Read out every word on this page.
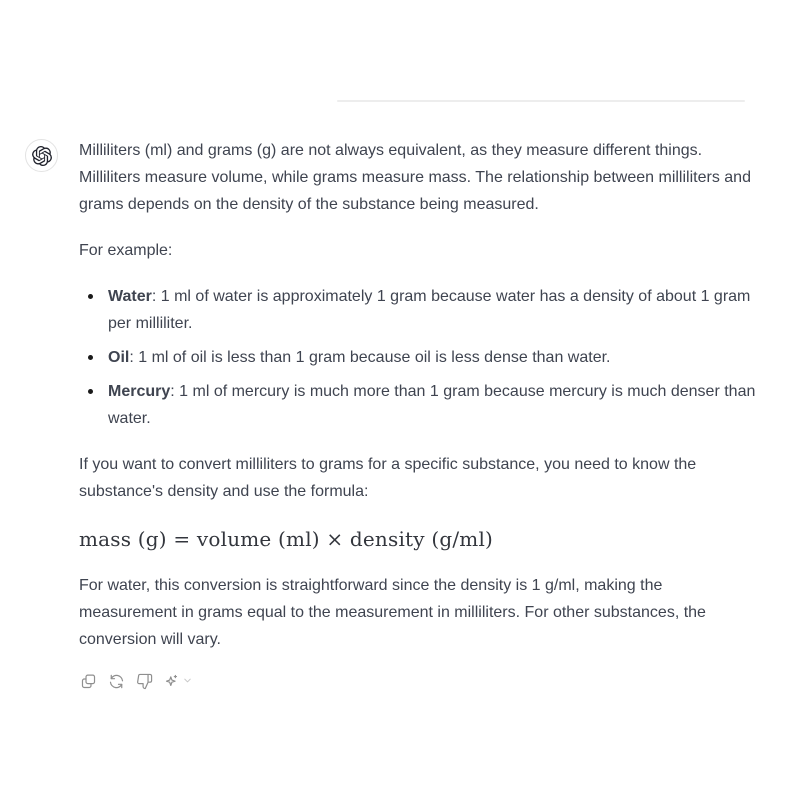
Milliliters (ml) and grams (g) are not always equivalent, as they measure different things. Milliliters measure volume, while grams measure mass. The relationship between milliliters and grams depends on the density of the substance being measured.

For example:

Water: 1 ml of water is approximately 1 gram because water has a density of about 1 gram per milliliter.
Oil: 1 ml of oil is less than 1 gram because oil is less dense than water.
Mercury: 1 ml of mercury is much more than 1 gram because mercury is much denser than water.

If you want to convert milliliters to grams for a specific substance, you need to know the substance's density and use the formula:

mass (g) = volume (ml) × density (g/ml)

For water, this conversion is straightforward since the density is 1 g/ml, making the measurement in grams equal to the measurement in milliliters. For other substances, the conversion will vary.
